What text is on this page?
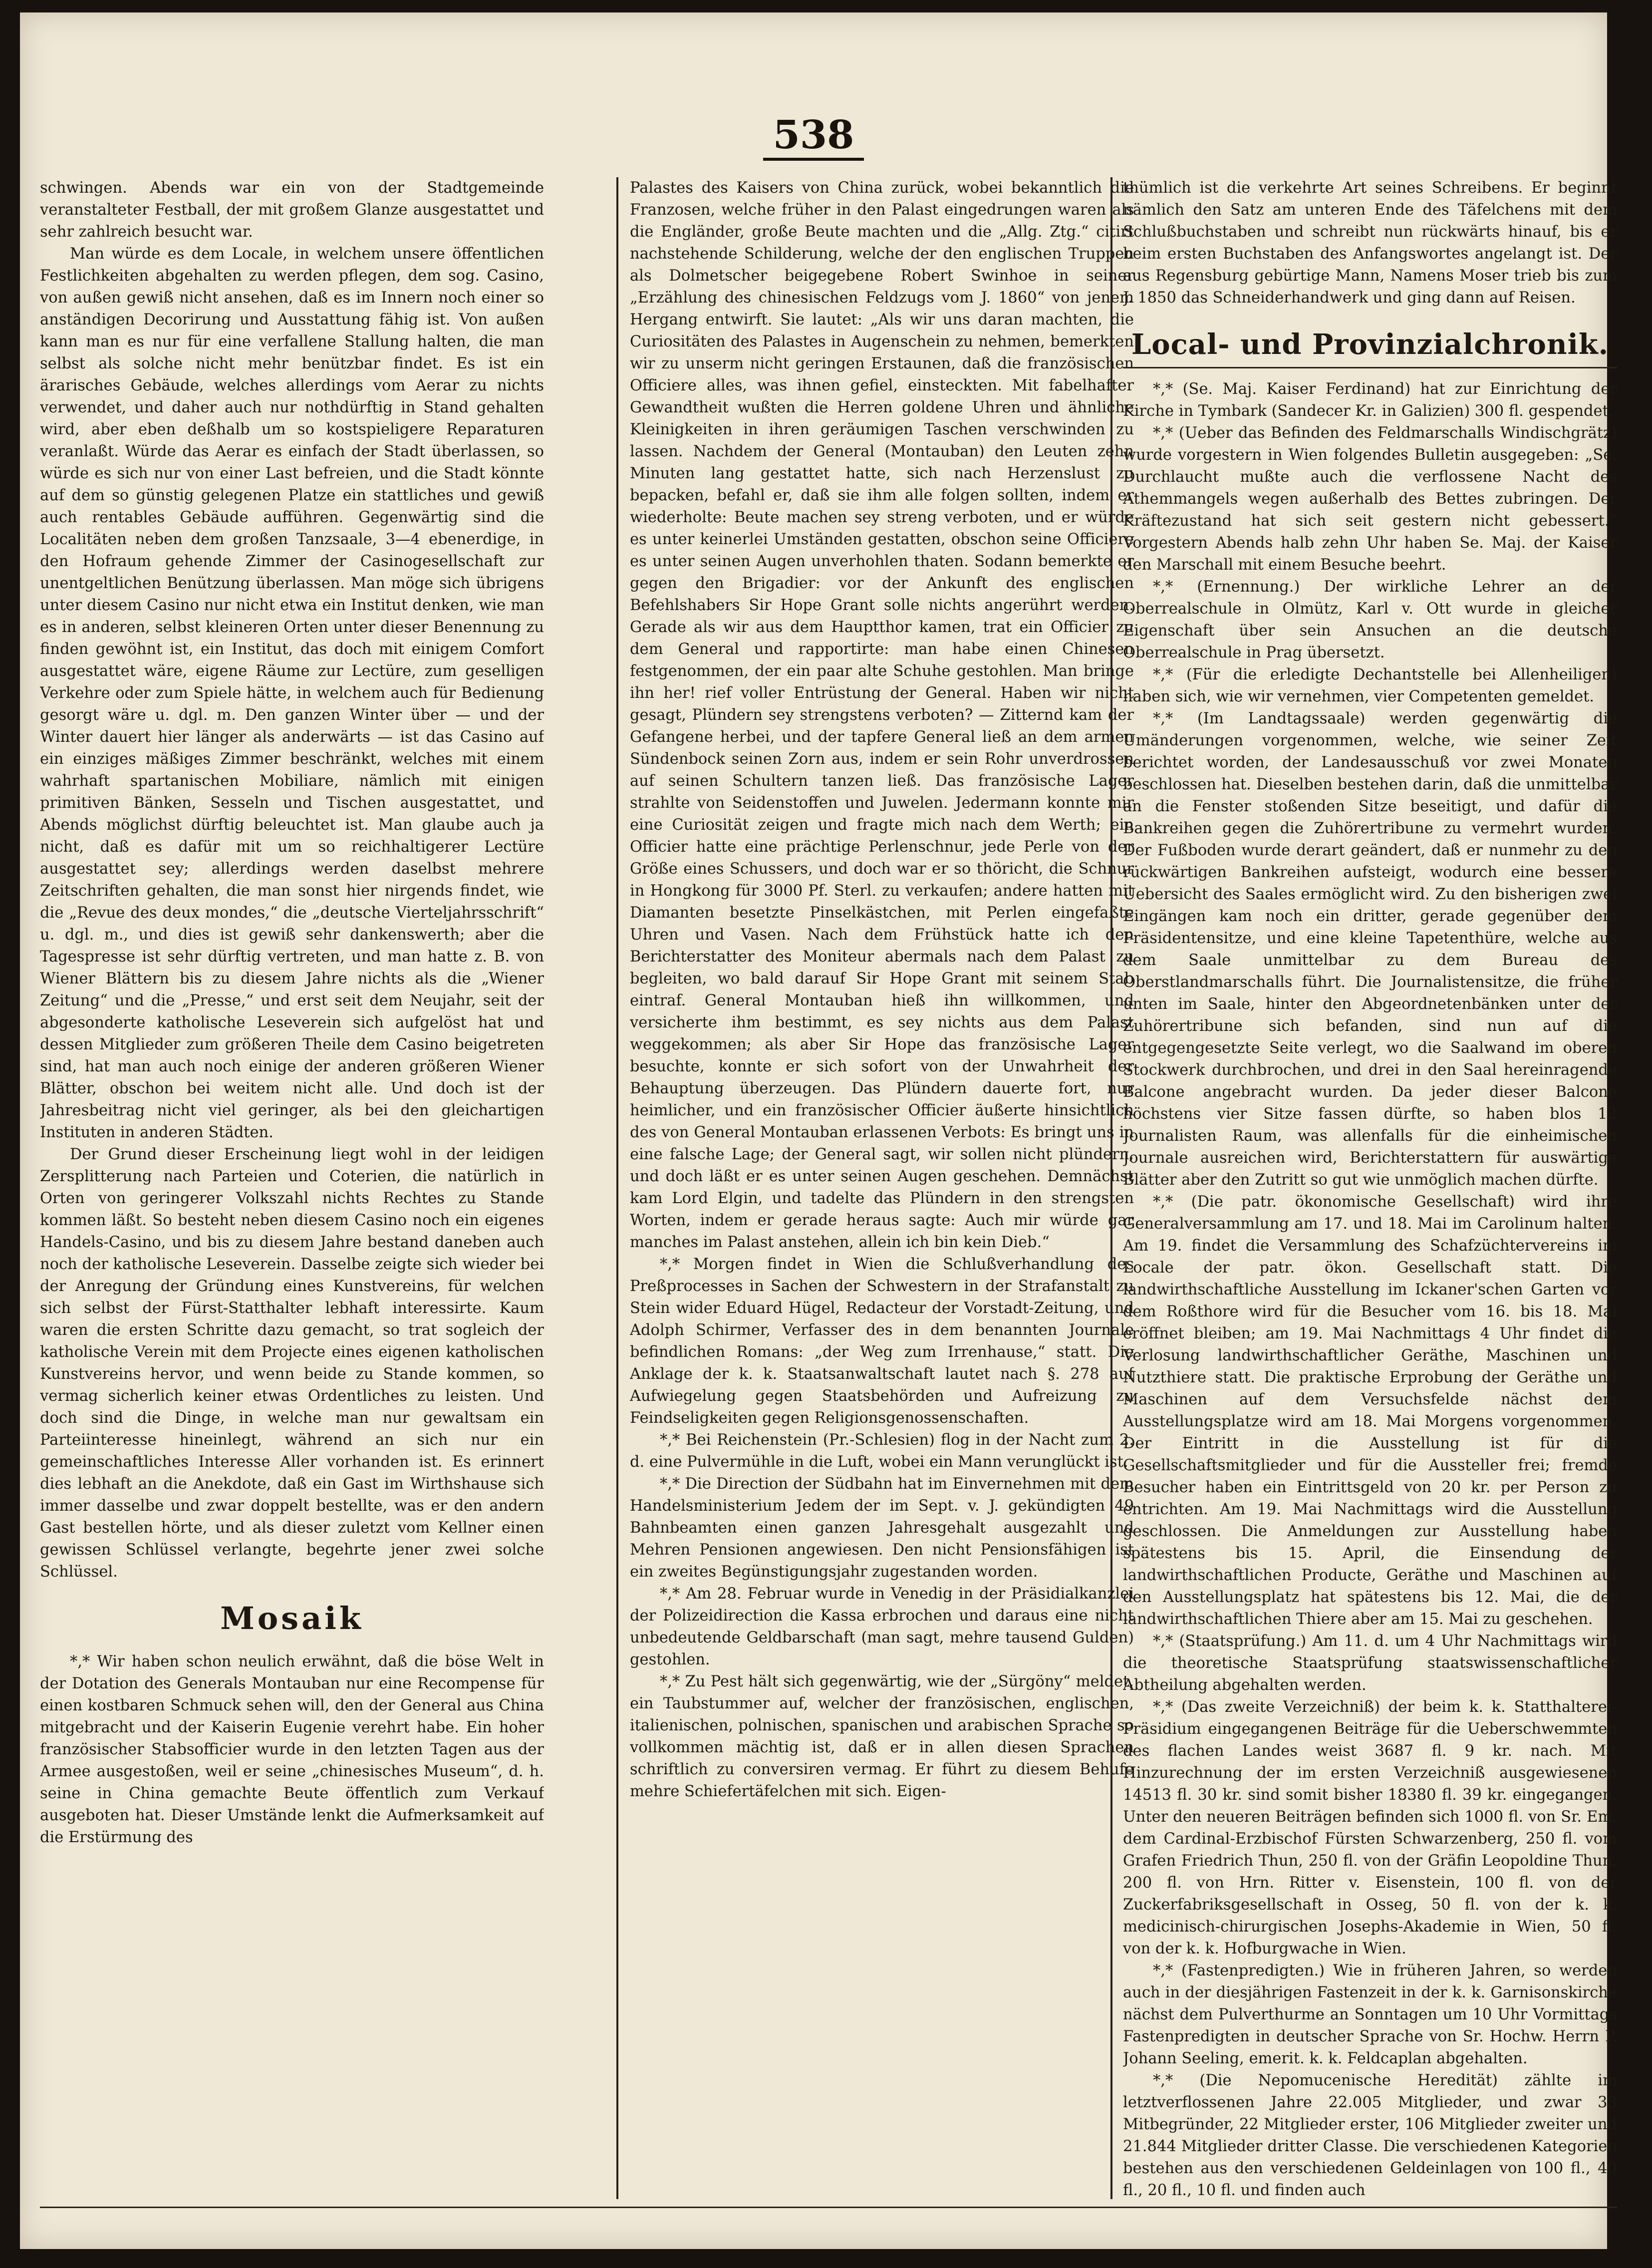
538

schwingen. Abends war ein von der Stadtgemeinde veranstalteter Festball, der mit großem Glanze ausgestattet und sehr zahlreich besucht war.

Man würde es dem Locale, in welchem unsere öffentlichen Festlichkeiten abgehalten zu werden pflegen, dem sog. Casino, von außen gewiß nicht ansehen, daß es im Innern noch einer so anständigen Decorirung und Ausstattung fähig ist. Von außen kann man es nur für eine verfallene Stallung halten, die man selbst als solche nicht mehr benützbar findet. Es ist ein ärarisches Gebäude, welches allerdings vom Aerar zu nichts verwendet, und daher auch nur nothdürftig in Stand gehalten wird, aber eben deßhalb um so kostspieligere Reparaturen veranlaßt. Würde das Aerar es einfach der Stadt überlassen, so würde es sich nur von einer Last befreien, und die Stadt könnte auf dem so günstig gelegenen Platze ein stattliches und gewiß auch rentables Gebäude aufführen. Gegenwärtig sind die Localitäten neben dem großen Tanzsaale, 3—4 ebenerdige, in den Hofraum gehende Zimmer der Casinogesellschaft zur unentgeltlichen Benützung überlassen. Man möge sich übrigens unter diesem Casino nur nicht etwa ein Institut denken, wie man es in anderen, selbst kleineren Orten unter dieser Benennung zu finden gewöhnt ist, ein Institut, das doch mit einigem Comfort ausgestattet wäre, eigene Räume zur Lectüre, zum geselligen Verkehre oder zum Spiele hätte, in welchem auch für Bedienung gesorgt wäre u. dgl. m. Den ganzen Winter über — und der Winter dauert hier länger als anderwärts — ist das Casino auf ein einziges mäßiges Zimmer beschränkt, welches mit einem wahrhaft spartanischen Mobiliare, nämlich mit einigen primitiven Bänken, Sesseln und Tischen ausgestattet, und Abends möglichst dürftig beleuchtet ist. Man glaube auch ja nicht, daß es dafür mit um so reichhaltigerer Lectüre ausgestattet sey; allerdings werden daselbst mehrere Zeitschriften gehalten, die man sonst hier nirgends findet, wie die „Revue des deux mondes,“ die „deutsche Vierteljahrsschrift“ u. dgl. m., und dies ist gewiß sehr dankenswerth; aber die Tagespresse ist sehr dürftig vertreten, und man hatte z. B. von Wiener Blättern bis zu diesem Jahre nichts als die „Wiener Zeitung“ und die „Presse,“ und erst seit dem Neujahr, seit der abgesonderte katholische Leseverein sich aufgelöst hat und dessen Mitglieder zum größeren Theile dem Casino beigetreten sind, hat man auch noch einige der anderen größeren Wiener Blätter, obschon bei weitem nicht alle. Und doch ist der Jahresbeitrag nicht viel geringer, als bei den gleichartigen Instituten in anderen Städten.

Der Grund dieser Erscheinung liegt wohl in der leidigen Zersplitterung nach Parteien und Coterien, die natürlich in Orten von geringerer Volkszahl nichts Rechtes zu Stande kommen läßt. So besteht neben diesem Casino noch ein eigenes Handels-Casino, und bis zu diesem Jahre bestand daneben auch noch der katholische Leseverein. Dasselbe zeigte sich wieder bei der Anregung der Gründung eines Kunstvereins, für welchen sich selbst der Fürst-Statthalter lebhaft interessirte. Kaum waren die ersten Schritte dazu gemacht, so trat sogleich der katholische Verein mit dem Projecte eines eigenen katholischen Kunstvereins hervor, und wenn beide zu Stande kommen, so vermag sicherlich keiner etwas Ordentliches zu leisten. Und doch sind die Dinge, in welche man nur gewaltsam ein Parteiinteresse hineinlegt, während an sich nur ein gemeinschaftliches Interesse Aller vorhanden ist. Es erinnert dies lebhaft an die Anekdote, daß ein Gast im Wirthshause sich immer dasselbe und zwar doppelt bestellte, was er den andern Gast bestellen hörte, und als dieser zuletzt vom Kellner einen gewissen Schlüssel verlangte, begehrte jener zwei solche Schlüssel.

Mosaik

*,* Wir haben schon neulich erwähnt, daß die böse Welt in der Dotation des Generals Montauban nur eine Recompense für einen kostbaren Schmuck sehen will, den der General aus China mitgebracht und der Kaiserin Eugenie verehrt habe. Ein hoher französischer Stabsofficier wurde in den letzten Tagen aus der Armee ausgestoßen, weil er seine „chinesisches Museum“, d. h. seine in China gemachte Beute öffentlich zum Verkauf ausgeboten hat. Dieser Umstände lenkt die Aufmerksamkeit auf die Erstürmung des

Palastes des Kaisers von China zurück, wobei bekanntlich die Franzosen, welche früher in den Palast eingedrungen waren als die Engländer, große Beute machten und die „Allg. Ztg.“ citirt nachstehende Schilderung, welche der den englischen Truppen als Dolmetscher beigegebene Robert Swinhoe in seiner „Erzählung des chinesischen Feldzugs vom J. 1860“ von jenem Hergang entwirft. Sie lautet: „Als wir uns daran machten, die Curiositäten des Palastes in Augenschein zu nehmen, bemerkten wir zu unserm nicht geringen Erstaunen, daß die französischen Officiere alles, was ihnen gefiel, einsteckten. Mit fabelhafter Gewandtheit wußten die Herren goldene Uhren und ähnliche Kleinigkeiten in ihren geräumigen Taschen verschwinden zu lassen. Nachdem der General (Montauban) den Leuten zehn Minuten lang gestattet hatte, sich nach Herzenslust zu bepacken, befahl er, daß sie ihm alle folgen sollten, indem er wiederholte: Beute machen sey streng verboten, und er würde es unter keinerlei Umständen gestatten, obschon seine Officiere es unter seinen Augen unverhohlen thaten. Sodann bemerkte er gegen den Brigadier: vor der Ankunft des englischen Befehlshabers Sir Hope Grant solle nichts angerührt werden. Gerade als wir aus dem Hauptthor kamen, trat ein Officier zu dem General und rapportirte: man habe einen Chinesen festgenommen, der ein paar alte Schuhe gestohlen. Man bringe ihn her! rief voller Entrüstung der General. Haben wir nicht gesagt, Plündern sey strengstens verboten? — Zitternd kam der Gefangene herbei, und der tapfere General ließ an dem armen Sündenbock seinen Zorn aus, indem er sein Rohr unverdrossen auf seinen Schultern tanzen ließ. Das französische Lager strahlte von Seidenstoffen und Juwelen. Jedermann konnte mir eine Curiosität zeigen und fragte mich nach dem Werth; ein Officier hatte eine prächtige Perlenschnur, jede Perle von der Größe eines Schussers, und doch war er so thöricht, die Schnur in Hongkong für 3000 Pf. Sterl. zu verkaufen; andere hatten mit Diamanten besetzte Pinselkästchen, mit Perlen eingefaßte Uhren und Vasen. Nach dem Frühstück hatte ich den Berichterstatter des Moniteur abermals nach dem Palast zu begleiten, wo bald darauf Sir Hope Grant mit seinem Stab eintraf. General Montauban hieß ihn willkommen, und versicherte ihm bestimmt, es sey nichts aus dem Palast weggekommen; als aber Sir Hope das französische Lager besuchte, konnte er sich sofort von der Unwahrheit der Behauptung überzeugen. Das Plündern dauerte fort, nur heimlicher, und ein französischer Officier äußerte hinsichtlich des von General Montauban erlassenen Verbots: Es bringt uns in eine falsche Lage; der General sagt, wir sollen nicht plündern, und doch läßt er es unter seinen Augen geschehen. Demnächst kam Lord Elgin, und tadelte das Plündern in den strengsten Worten, indem er gerade heraus sagte: Auch mir würde gar manches im Palast anstehen, allein ich bin kein Dieb.“

*,* Morgen findet in Wien die Schlußverhandlung des Preßprocesses in Sachen der Schwestern in der Strafanstalt zu Stein wider Eduard Hügel, Redacteur der Vorstadt-Zeitung, und Adolph Schirmer, Verfasser des in dem benannten Journale befindlichen Romans: „der Weg zum Irrenhause,“ statt. Die Anklage der k. k. Staatsanwaltschaft lautet nach §. 278 auf Aufwiegelung gegen Staatsbehörden und Aufreizung zu Feindseligkeiten gegen Religionsgenossenschaften.

*,* Bei Reichenstein (Pr.-Schlesien) flog in der Nacht zum 2. d. eine Pulvermühle in die Luft, wobei ein Mann verunglückt ist.

*,* Die Direction der Südbahn hat im Einvernehmen mit dem Handelsministerium Jedem der im Sept. v. J. gekündigten 49 Bahnbeamten einen ganzen Jahresgehalt ausgezahlt und Mehren Pensionen angewiesen. Den nicht Pensionsfähigen ist ein zweites Begünstigungsjahr zugestanden worden.

*,* Am 28. Februar wurde in Venedig in der Präsidialkanzlei der Polizeidirection die Kassa erbrochen und daraus eine nicht unbedeutende Geldbarschaft (man sagt, mehre tausend Gulden) gestohlen.

*,* Zu Pest hält sich gegenwärtig, wie der „Sürgöny“ meldet, ein Taubstummer auf, welcher der französischen, englischen, italienischen, polnischen, spanischen und arabischen Sprache so vollkommen mächtig ist, daß er in allen diesen Sprachen schriftlich zu conversiren vermag. Er führt zu diesem Behufe mehre Schiefertäfelchen mit sich. Eigen-

thümlich ist die verkehrte Art seines Schreibens. Er beginnt nämlich den Satz am unteren Ende des Täfelchens mit dem Schlußbuchstaben und schreibt nun rückwärts hinauf, bis er beim ersten Buchstaben des Anfangswortes angelangt ist. Der aus Regensburg gebürtige Mann, Namens Moser trieb bis zum J. 1850 das Schneiderhandwerk und ging dann auf Reisen.

Local- und Provinzialchronik.

*,* (Se. Maj. Kaiser Ferdinand) hat zur Einrichtung der Kirche in Tymbark (Sandecer Kr. in Galizien) 300 fl. gespendet.

*,* (Ueber das Befinden des Feldmarschalls Windischgrätz) wurde vorgestern in Wien folgendes Bulletin ausgegeben: „Se. Durchlaucht mußte auch die verflossene Nacht des Athemmangels wegen außerhalb des Bettes zubringen. Der Kräftezustand hat sich seit gestern nicht gebessert.“ Vorgestern Abends halb zehn Uhr haben Se. Maj. der Kaiser den Marschall mit einem Besuche beehrt.

*,* (Ernennung.) Der wirkliche Lehrer an der Oberrealschule in Olmütz, Karl v. Ott wurde in gleicher Eigenschaft über sein Ansuchen an die deutsche Oberrealschule in Prag übersetzt.

*,* (Für die erledigte Dechantstelle bei Allenheiligen) haben sich, wie wir vernehmen, vier Competenten gemeldet.

*,* (Im Landtagssaale) werden gegenwärtig die Umänderungen vorgenommen, welche, wie seiner Zeit berichtet worden, der Landesausschuß vor zwei Monaten beschlossen hat. Dieselben bestehen darin, daß die unmittelbar an die Fenster stoßenden Sitze beseitigt, und dafür die Bankreihen gegen die Zuhörertribune zu vermehrt wurden. Der Fußboden wurde derart geändert, daß er nunmehr zu den rückwärtigen Bankreihen aufsteigt, wodurch eine bessere Uebersicht des Saales ermöglicht wird. Zu den bisherigen zwei Eingängen kam noch ein dritter, gerade gegenüber dem Präsidentensitze, und eine kleine Tapetenthüre, welche aus dem Saale unmittelbar zu dem Bureau des Oberstlandmarschalls führt. Die Journalistensitze, die früher unten im Saale, hinter den Abgeordnetenbänken unter der Zuhörertribune sich befanden, sind nun auf die entgegengesetzte Seite verlegt, wo die Saalwand im oberen Stockwerk durchbrochen, und drei in den Saal hereinragende Balcone angebracht wurden. Da jeder dieser Balcone höchstens vier Sitze fassen dürfte, so haben blos 12 Journalisten Raum, was allenfalls für die einheimischen Journale ausreichen wird, Berichterstattern für auswärtige Blätter aber den Zutritt so gut wie unmöglich machen dürfte.

*,* (Die patr. ökonomische Gesellschaft) wird ihre Generalversammlung am 17. und 18. Mai im Carolinum halten. Am 19. findet die Versammlung des Schafzüchtervereins im Locale der patr. ökon. Gesellschaft statt. Die landwirthschaftliche Ausstellung im Ickaner'schen Garten vor dem Roßthore wird für die Besucher vom 16. bis 18. Mai eröffnet bleiben; am 19. Mai Nachmittags 4 Uhr findet die Verlosung landwirthschaftlicher Geräthe, Maschinen und Nutzthiere statt. Die praktische Erprobung der Geräthe und Maschinen auf dem Versuchsfelde nächst dem Ausstellungsplatze wird am 18. Mai Morgens vorgenommen. Der Eintritt in die Ausstellung ist für die Gesellschaftsmitglieder und für die Aussteller frei; fremde Besucher haben ein Eintrittsgeld von 20 kr. per Person zu entrichten. Am 19. Mai Nachmittags wird die Ausstellung geschlossen. Die Anmeldungen zur Ausstellung haben spätestens bis 15. April, die Einsendung der landwirthschaftlichen Producte, Geräthe und Maschinen auf den Ausstellungsplatz hat spätestens bis 12. Mai, die der landwirthschaftlichen Thiere aber am 15. Mai zu geschehen.

*,* (Staatsprüfung.) Am 11. d. um 4 Uhr Nachmittags wird die theoretische Staatsprüfung staatswissenschaftlicher Abtheilung abgehalten werden.

*,* (Das zweite Verzeichniß) der beim k. k. Statthalterei-Präsidium eingegangenen Beiträge für die Ueberschwemmten des flachen Landes weist 3687 fl. 9 kr. nach. Mit Hinzurechnung der im ersten Verzeichniß ausgewiesenen 14513 fl. 30 kr. sind somit bisher 18380 fl. 39 kr. eingegangen. Unter den neueren Beiträgen befinden sich 1000 fl. von Sr. Em. dem Cardinal-Erzbischof Fürsten Schwarzenberg, 250 fl. vom Grafen Friedrich Thun, 250 fl. von der Gräfin Leopoldine Thun, 200 fl. von Hrn. Ritter v. Eisenstein, 100 fl. von der Zuckerfabriksgesellschaft in Osseg, 50 fl. von der k. k. medicinisch-chirurgischen Josephs-Akademie in Wien, 50 fl. von der k. k. Hofburgwache in Wien.

*,* (Fastenpredigten.) Wie in früheren Jahren, so werden auch in der diesjährigen Fastenzeit in der k. k. Garnisonskirche nächst dem Pulverthurme an Sonntagen um 10 Uhr Vormittags Fastenpredigten in deutscher Sprache von Sr. Hochw. Herrn P. Johann Seeling, emerit. k. k. Feldcaplan abgehalten.

*,* (Die Nepomucenische Heredität) zählte im letztverflossenen Jahre 22.005 Mitglieder, und zwar 33 Mitbegründer, 22 Mitglieder erster, 106 Mitglieder zweiter und 21.844 Mitglieder dritter Classe. Die verschiedenen Kategorien bestehen aus den verschiedenen Geldeinlagen von 100 fl., 40 fl., 20 fl., 10 fl. und finden auch
